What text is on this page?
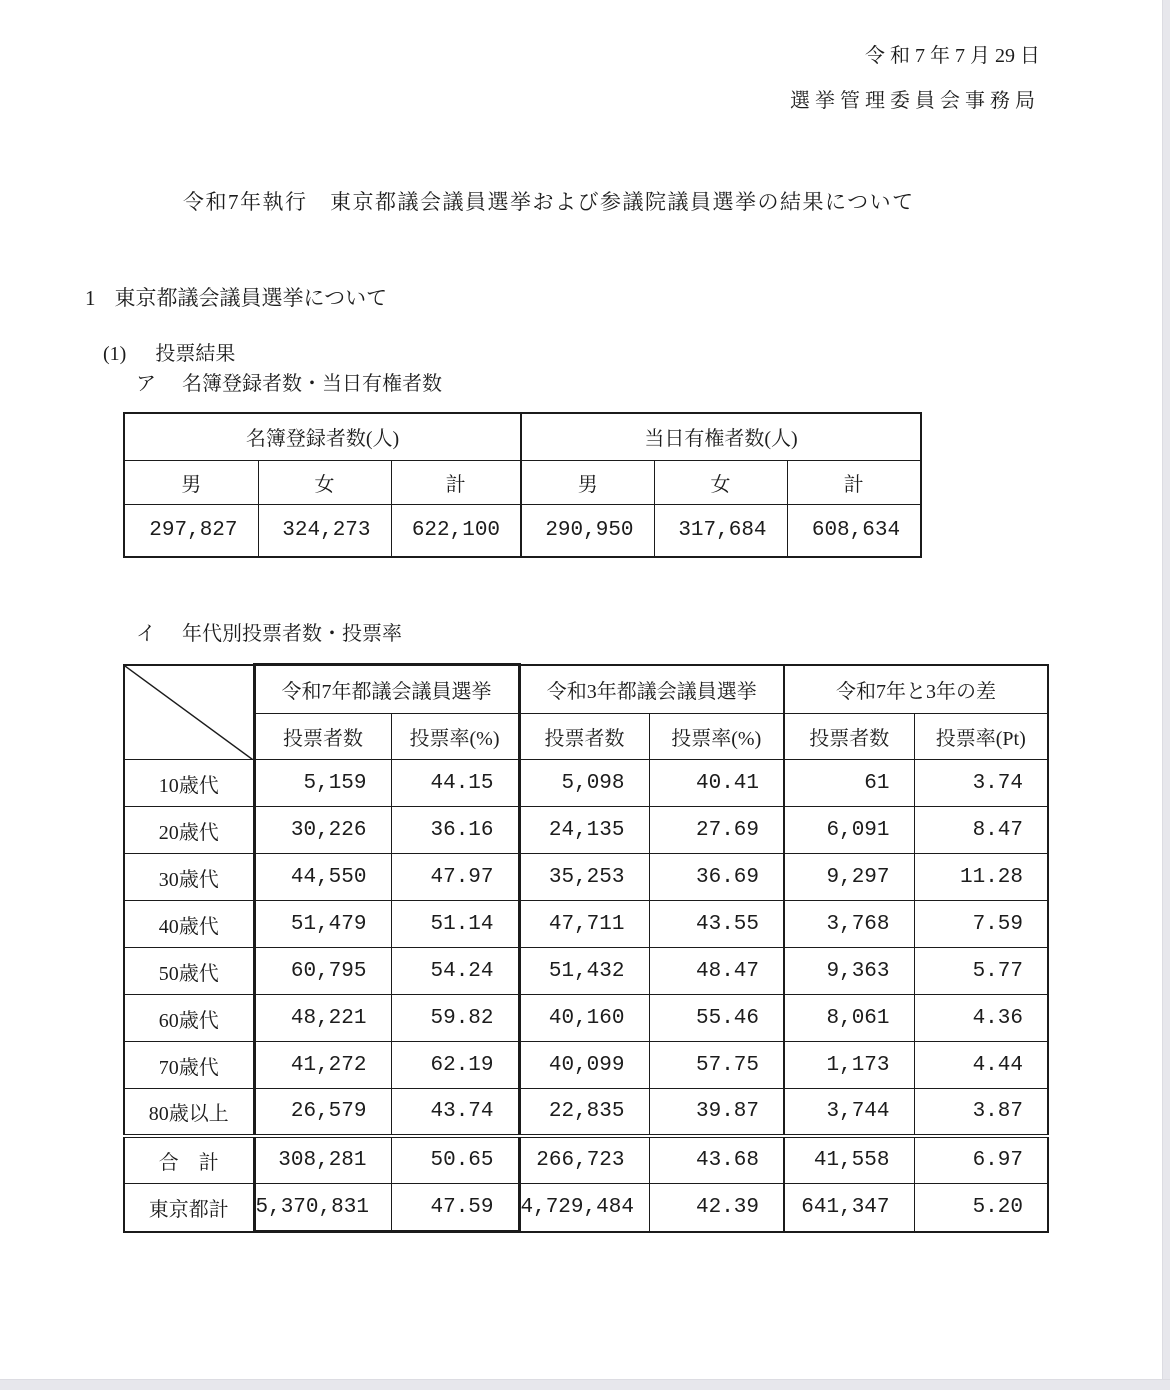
令 和 7 年 7 月 29 日
選挙管理委員会事務局
令和7年執行　東京都議会議員選挙および参議院議員選挙の結果について
1 東京都議会議員選挙について
(1) 投票結果
ア 名簿登録者数・当日有権者数
イ 年代別投票者数・投票率
名簿登録者数(人)			当日有権者数(人)		
男	女	計	男	女	計
297,827	324,273	622,100	290,950	317,684	608,634
	令和7年都議会議員選挙		令和3年都議会議員選挙		令和7年と3年の差	
	投票者数	投票率(%)	投票者数	投票率(%)	投票者数	投票率(Pt)
10歳代	5,159	44.15	5,098	40.41	61	3.74
20歳代	30,226	36.16	24,135	27.69	6,091	8.47
30歳代	44,550	47.97	35,253	36.69	9,297	11.28
40歳代	51,479	51.14	47,711	43.55	3,768	7.59
50歳代	60,795	54.24	51,432	48.47	9,363	5.77
60歳代	48,221	59.82	40,160	55.46	8,061	4.36
70歳代	41,272	62.19	40,099	57.75	1,173	4.44
80歳以上	26,579	43.74	22,835	39.87	3,744	3.87
合　計	308,281	50.65	266,723	43.68	41,558	6.97
東京都計	5,370,831	47.59	4,729,484	42.39	641,347	5.20
